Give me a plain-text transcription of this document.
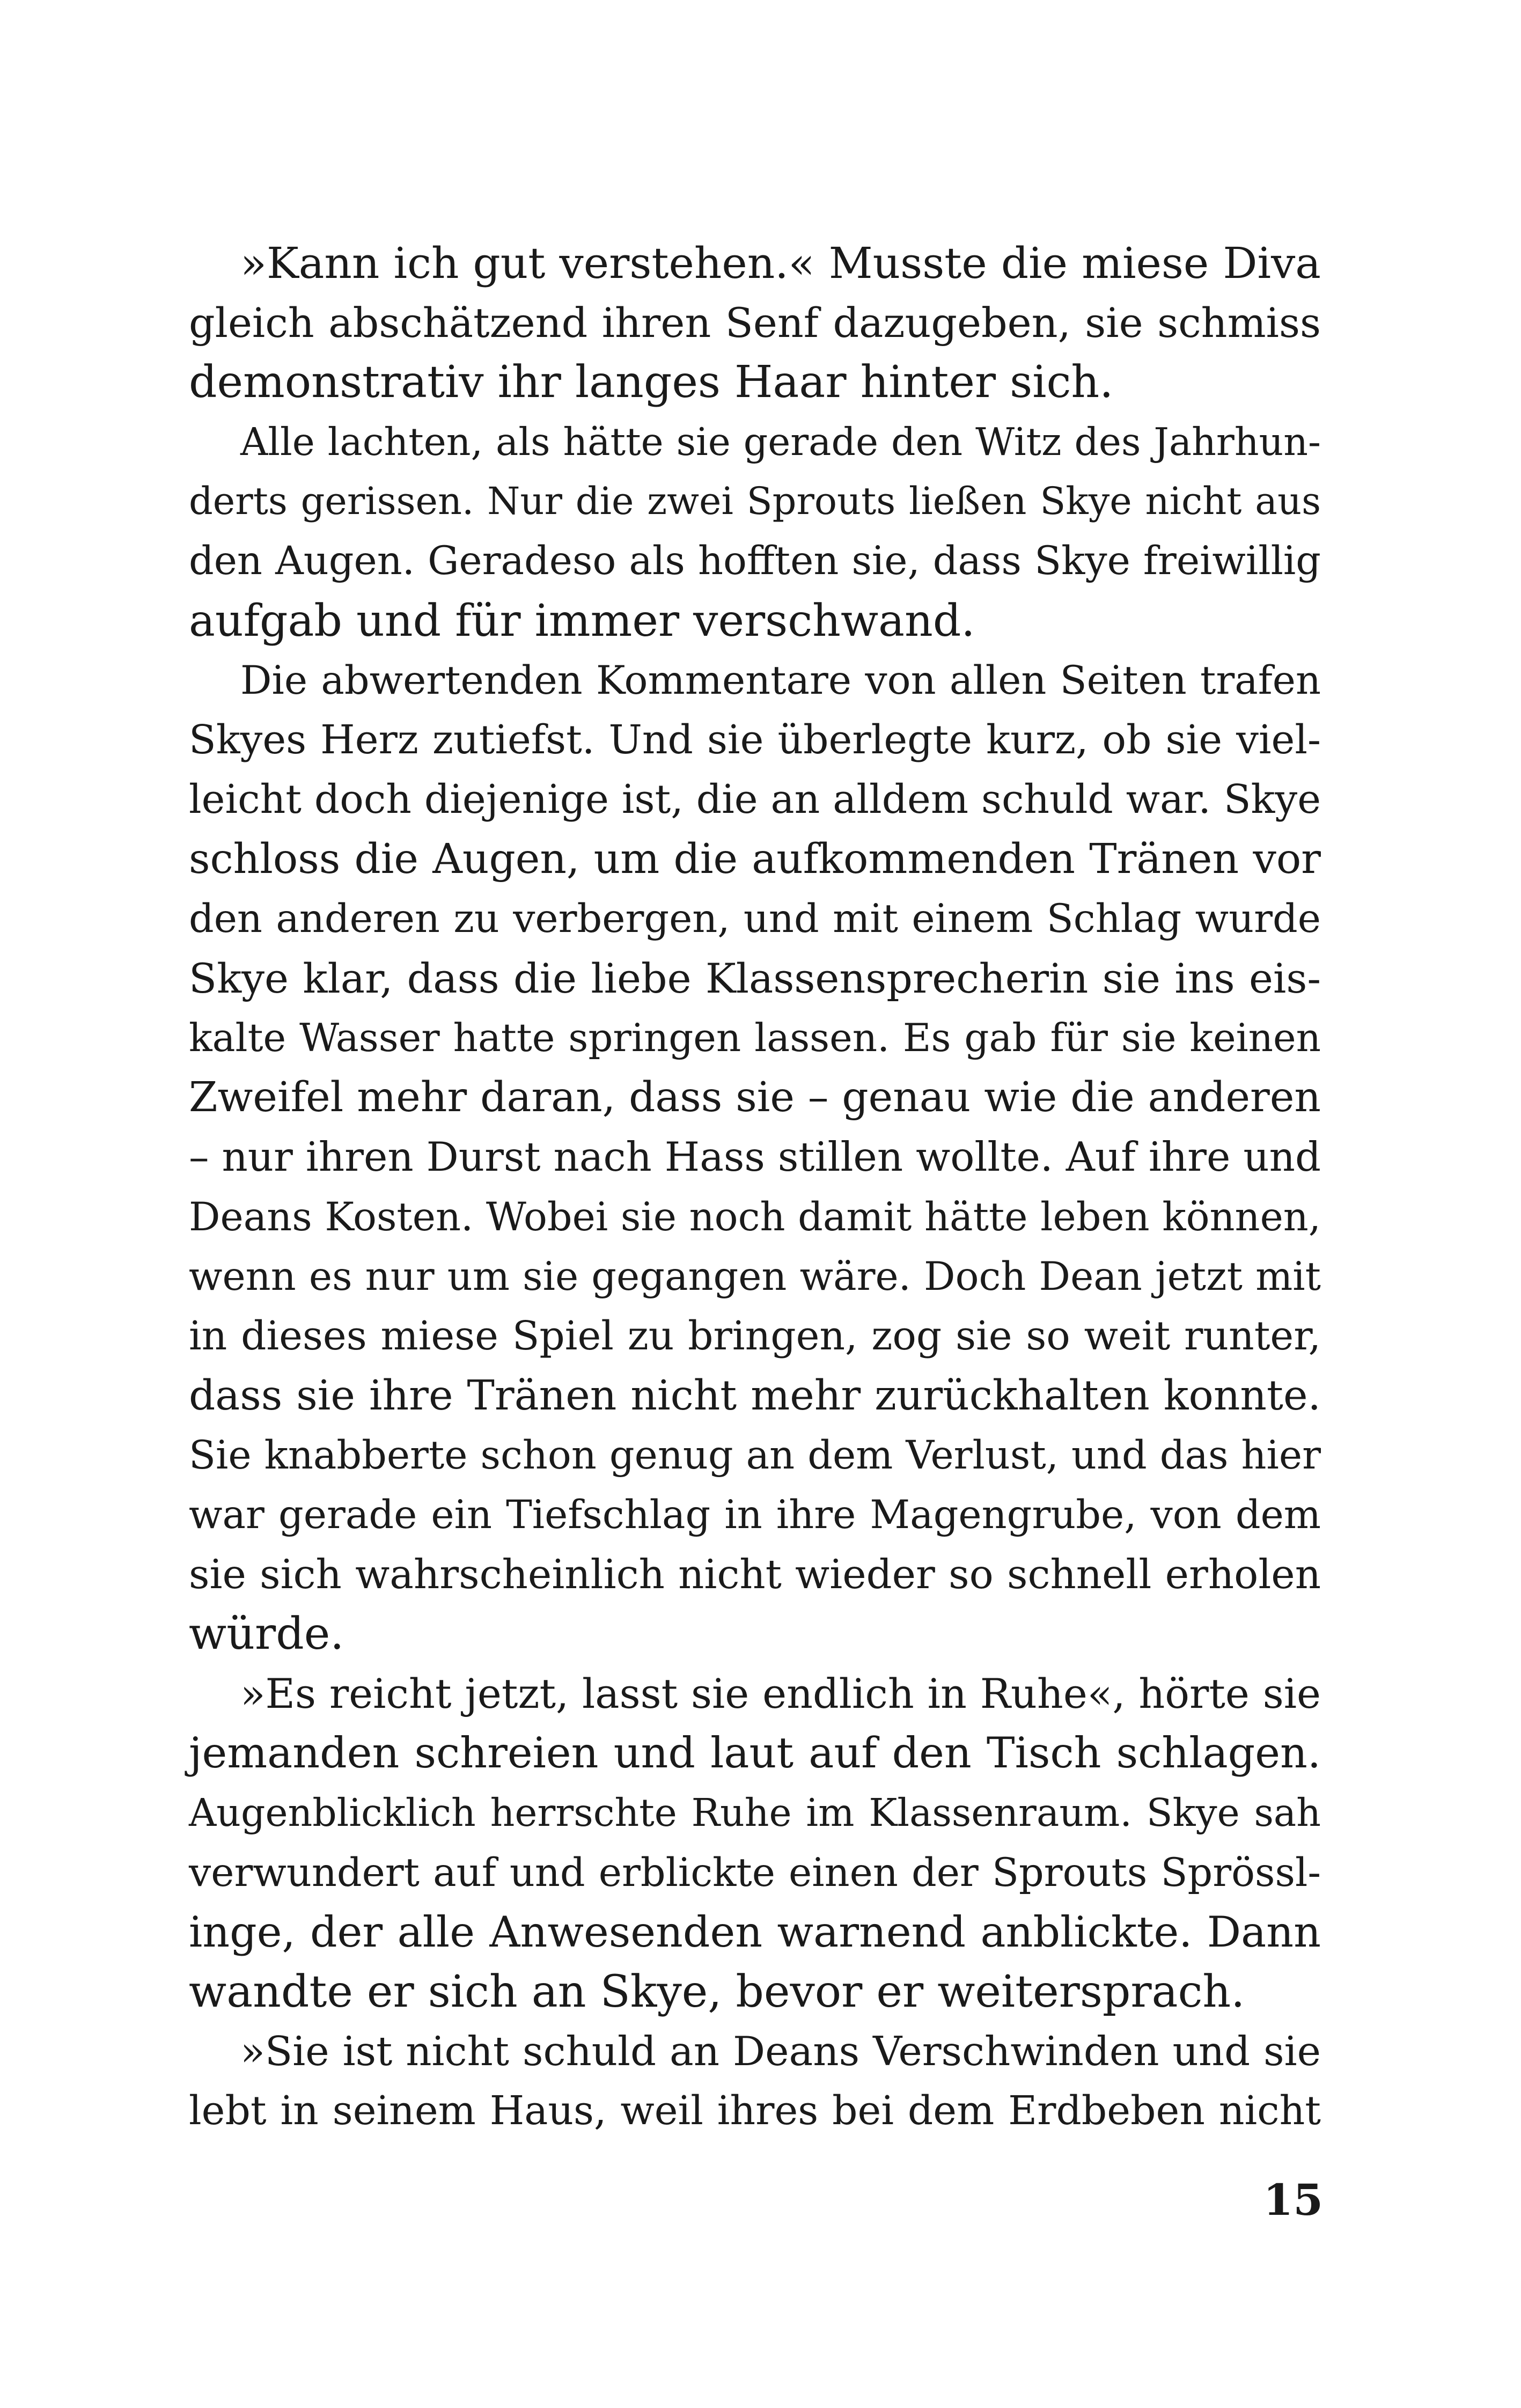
»Kann ich gut verstehen.« Musste die miese Diva
gleich abschätzend ihren Senf dazugeben, sie schmiss
demonstrativ ihr langes Haar hinter sich.
Alle lachten, als hätte sie gerade den Witz des Jahrhun-
derts gerissen. Nur die zwei Sprouts ließen Skye nicht aus
den Augen. Geradeso als hofften sie, dass Skye freiwillig
aufgab und für immer verschwand.
Die abwertenden Kommentare von allen Seiten trafen
Skyes Herz zutiefst. Und sie überlegte kurz, ob sie viel-
leicht doch diejenige ist, die an alldem schuld war. Skye
schloss die Augen, um die aufkommenden Tränen vor
den anderen zu verbergen, und mit einem Schlag wurde
Skye klar, dass die liebe Klassensprecherin sie ins eis-
kalte Wasser hatte springen lassen. Es gab für sie keinen
Zweifel mehr daran, dass sie – genau wie die anderen
– nur ihren Durst nach Hass stillen wollte. Auf ihre und
Deans Kosten. Wobei sie noch damit hätte leben können,
wenn es nur um sie gegangen wäre. Doch Dean jetzt mit
in dieses miese Spiel zu bringen, zog sie so weit runter,
dass sie ihre Tränen nicht mehr zurückhalten konnte.
Sie knabberte schon genug an dem Verlust, und das hier
war gerade ein Tiefschlag in ihre Magengrube, von dem
sie sich wahrscheinlich nicht wieder so schnell erholen
würde.
»Es reicht jetzt, lasst sie endlich in Ruhe«, hörte sie
jemanden schreien und laut auf den Tisch schlagen.
Augenblicklich herrschte Ruhe im Klassenraum. Skye sah
verwundert auf und erblickte einen der Sprouts Sprössl-
inge, der alle Anwesenden warnend anblickte. Dann
wandte er sich an Skye, bevor er weitersprach.
»Sie ist nicht schuld an Deans Verschwinden und sie
lebt in seinem Haus, weil ihres bei dem Erdbeben nicht
15
